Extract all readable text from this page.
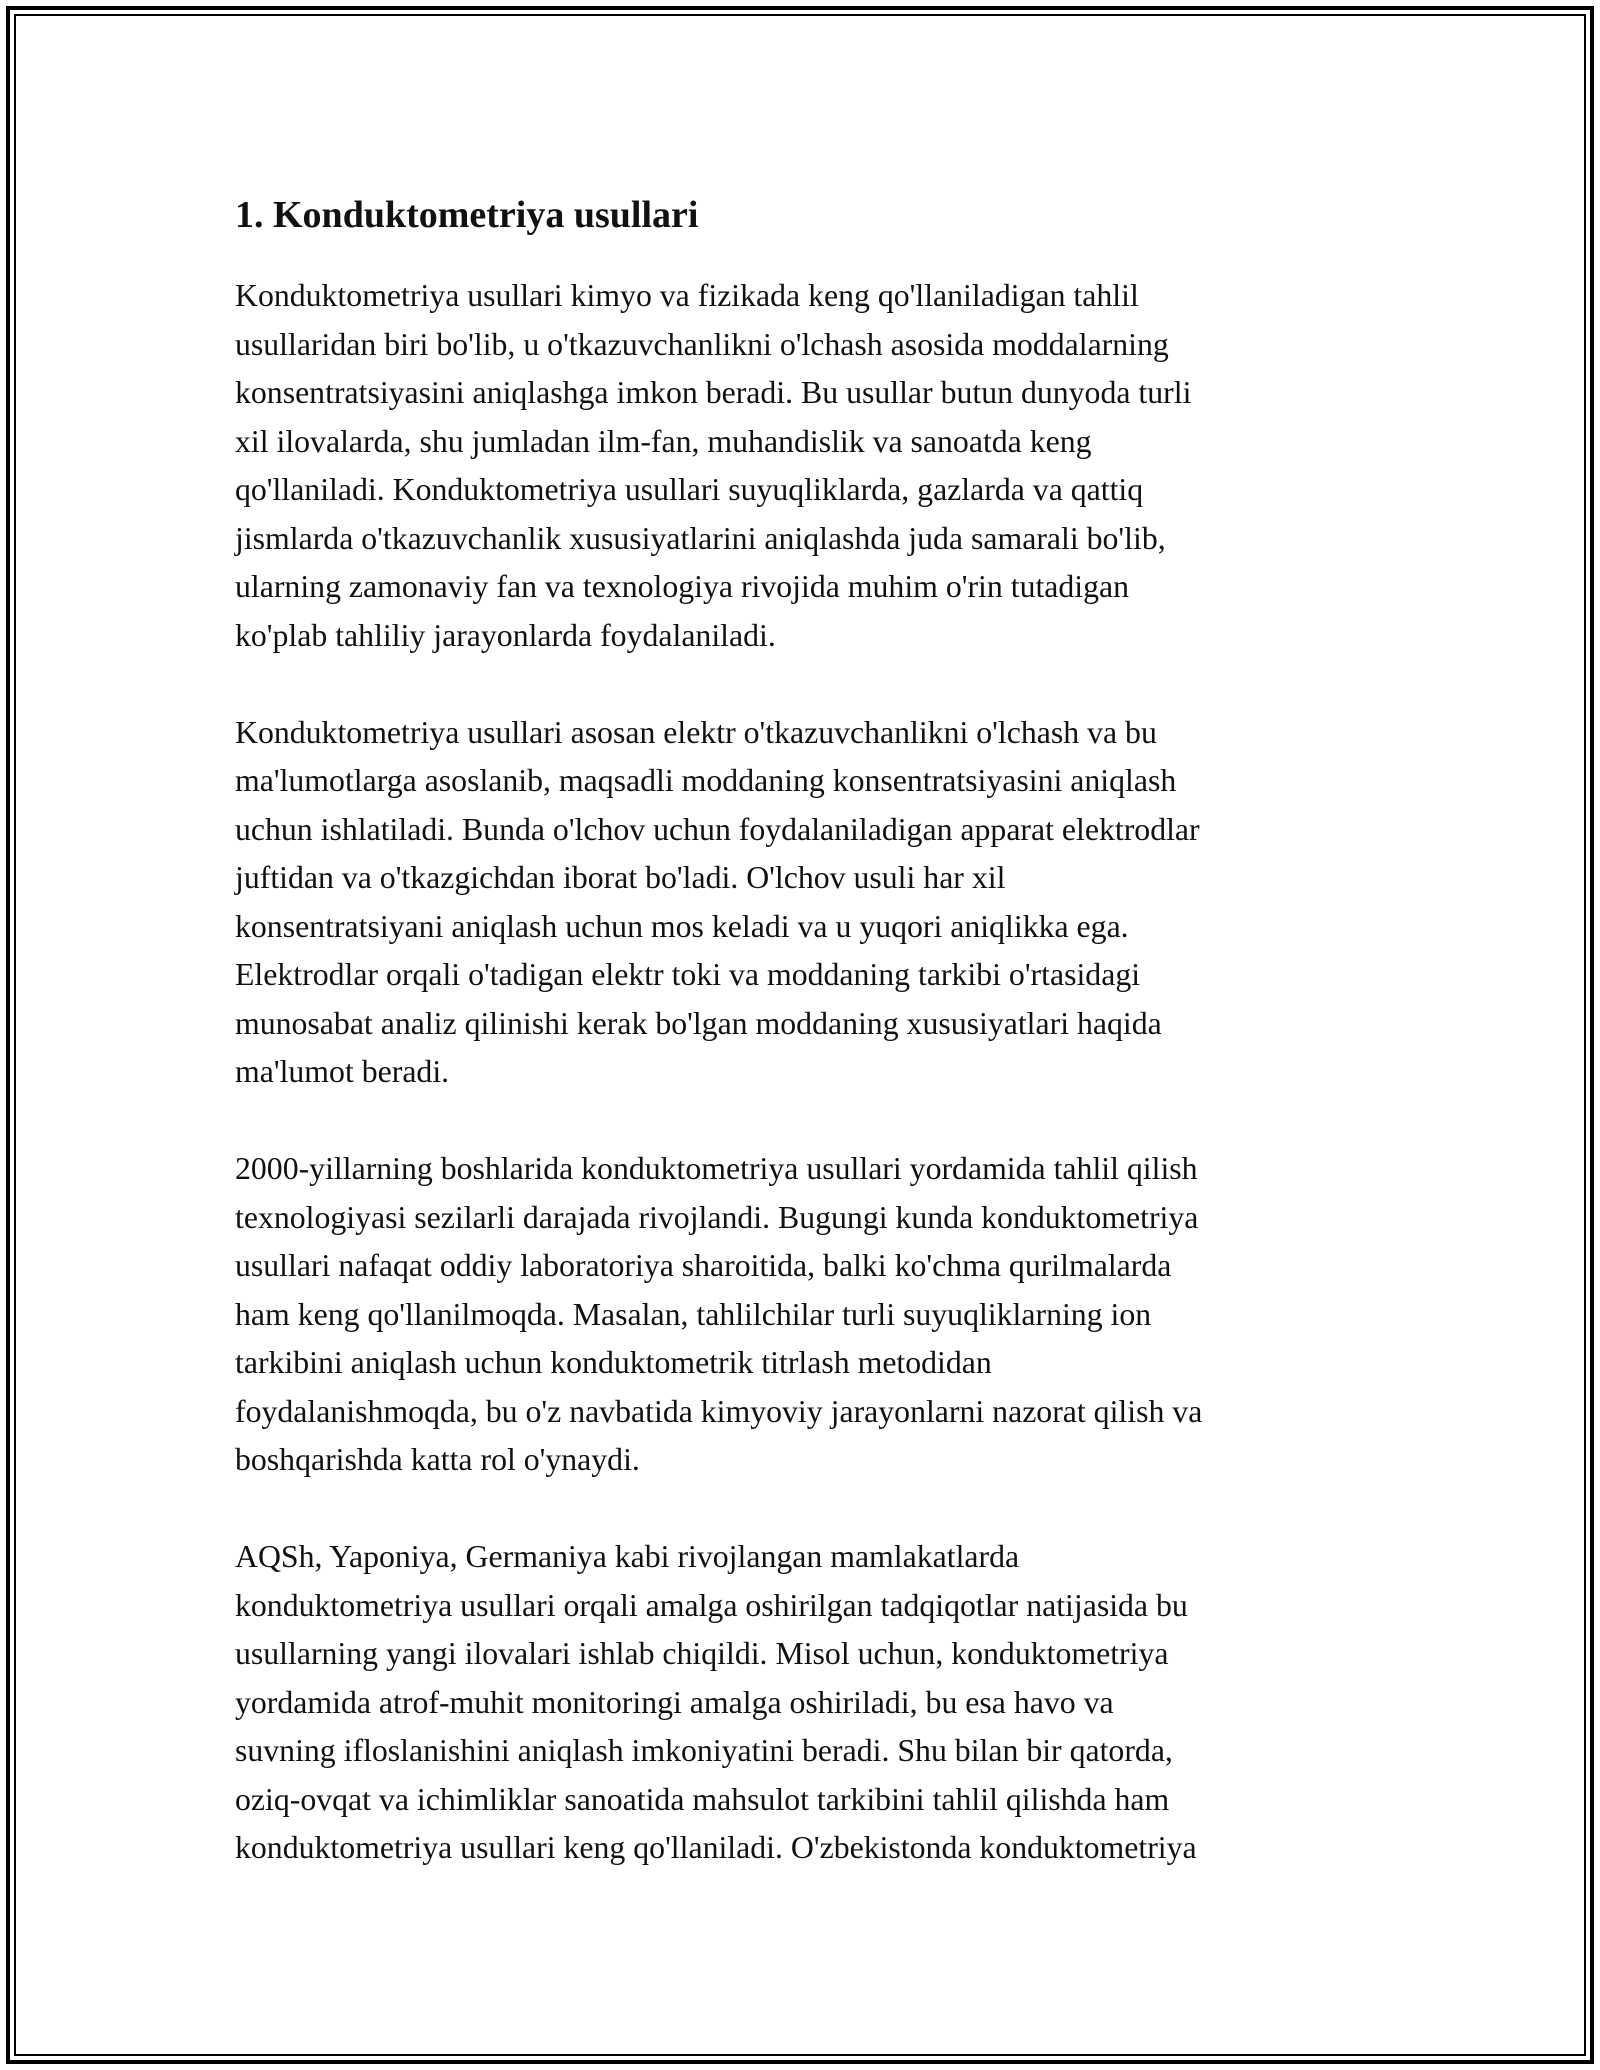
1. Konduktometriya usullari

Konduktometriya usullari kimyo va fizikada keng qo'llaniladigan tahlil
usullaridan biri bo'lib, u o'tkazuvchanlikni o'lchash asosida moddalarning
konsentratsiyasini aniqlashga imkon beradi. Bu usullar butun dunyoda turli
xil ilovalarda, shu jumladan ilm-fan, muhandislik va sanoatda keng
qo'llaniladi. Konduktometriya usullari suyuqliklarda, gazlarda va qattiq
jismlarda o'tkazuvchanlik xususiyatlarini aniqlashda juda samarali bo'lib,
ularning zamonaviy fan va texnologiya rivojida muhim o'rin tutadigan
ko'plab tahliliy jarayonlarda foydalaniladi.

Konduktometriya usullari asosan elektr o'tkazuvchanlikni o'lchash va bu
ma'lumotlarga asoslanib, maqsadli moddaning konsentratsiyasini aniqlash
uchun ishlatiladi. Bunda o'lchov uchun foydalaniladigan apparat elektrodlar
juftidan va o'tkazgichdan iborat bo'ladi. O'lchov usuli har xil
konsentratsiyani aniqlash uchun mos keladi va u yuqori aniqlikka ega.
Elektrodlar orqali o'tadigan elektr toki va moddaning tarkibi o'rtasidagi
munosabat analiz qilinishi kerak bo'lgan moddaning xususiyatlari haqida
ma'lumot beradi.

2000-yillarning boshlarida konduktometriya usullari yordamida tahlil qilish
texnologiyasi sezilarli darajada rivojlandi. Bugungi kunda konduktometriya
usullari nafaqat oddiy laboratoriya sharoitida, balki ko'chma qurilmalarda
ham keng qo'llanilmoqda. Masalan, tahlilchilar turli suyuqliklarning ion
tarkibini aniqlash uchun konduktometrik titrlash metodidan
foydalanishmoqda, bu o'z navbatida kimyoviy jarayonlarni nazorat qilish va
boshqarishda katta rol o'ynaydi.

AQSh, Yaponiya, Germaniya kabi rivojlangan mamlakatlarda
konduktometriya usullari orqali amalga oshirilgan tadqiqotlar natijasida bu
usullarning yangi ilovalari ishlab chiqildi. Misol uchun, konduktometriya
yordamida atrof-muhit monitoringi amalga oshiriladi, bu esa havo va
suvning ifloslanishini aniqlash imkoniyatini beradi. Shu bilan bir qatorda,
oziq-ovqat va ichimliklar sanoatida mahsulot tarkibini tahlil qilishda ham
konduktometriya usullari keng qo'llaniladi. O'zbekistonda konduktometriya
